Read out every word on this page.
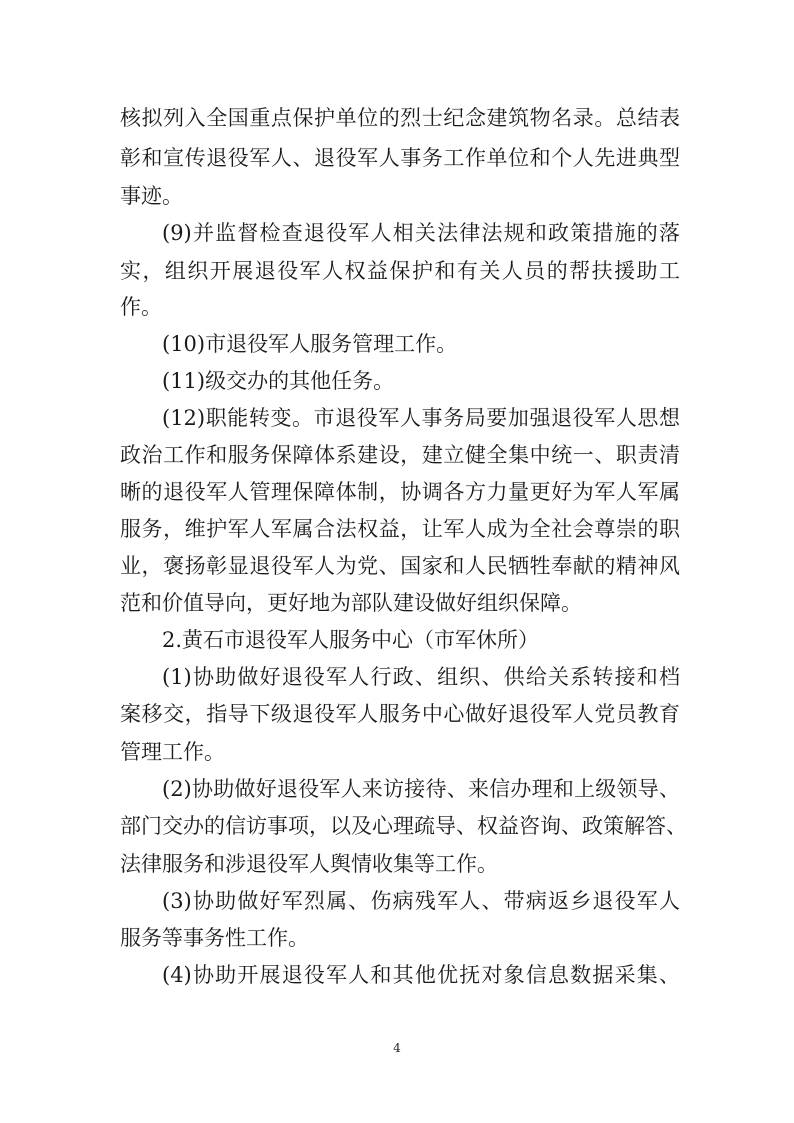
核拟列入全国重点保护单位的烈士纪念建筑物名录。总结表
彰和宣传退役军人、退役军人事务工作单位和个人先进典型
事迹。
(9)并监督检查退役军人相关法律法规和政策措施的落
实，组织开展退役军人权益保护和有关人员的帮扶援助工
作。
(10)市退役军人服务管理工作。
(11)级交办的其他任务。
(12)职能转变。市退役军人事务局要加强退役军人思想
政治工作和服务保障体系建设，建立健全集中统一、职责清
晰的退役军人管理保障体制，协调各方力量更好为军人军属
服务，维护军人军属合法权益，让军人成为全社会尊崇的职
业，褒扬彰显退役军人为党、国家和人民牺牲奉献的精神风
范和价值导向，更好地为部队建设做好组织保障。
2.黄石市退役军人服务中心（市军休所）
(1)协助做好退役军人行政、组织、供给关系转接和档
案移交，指导下级退役军人服务中心做好退役军人党员教育
管理工作。
(2)协助做好退役军人来访接待、来信办理和上级领导、
部门交办的信访事项，以及心理疏导、权益咨询、政策解答、
法律服务和涉退役军人舆情收集等工作。
(3)协助做好军烈属、伤病残军人、带病返乡退役军人
服务等事务性工作。
(4)协助开展退役军人和其他优抚对象信息数据采集、
4
